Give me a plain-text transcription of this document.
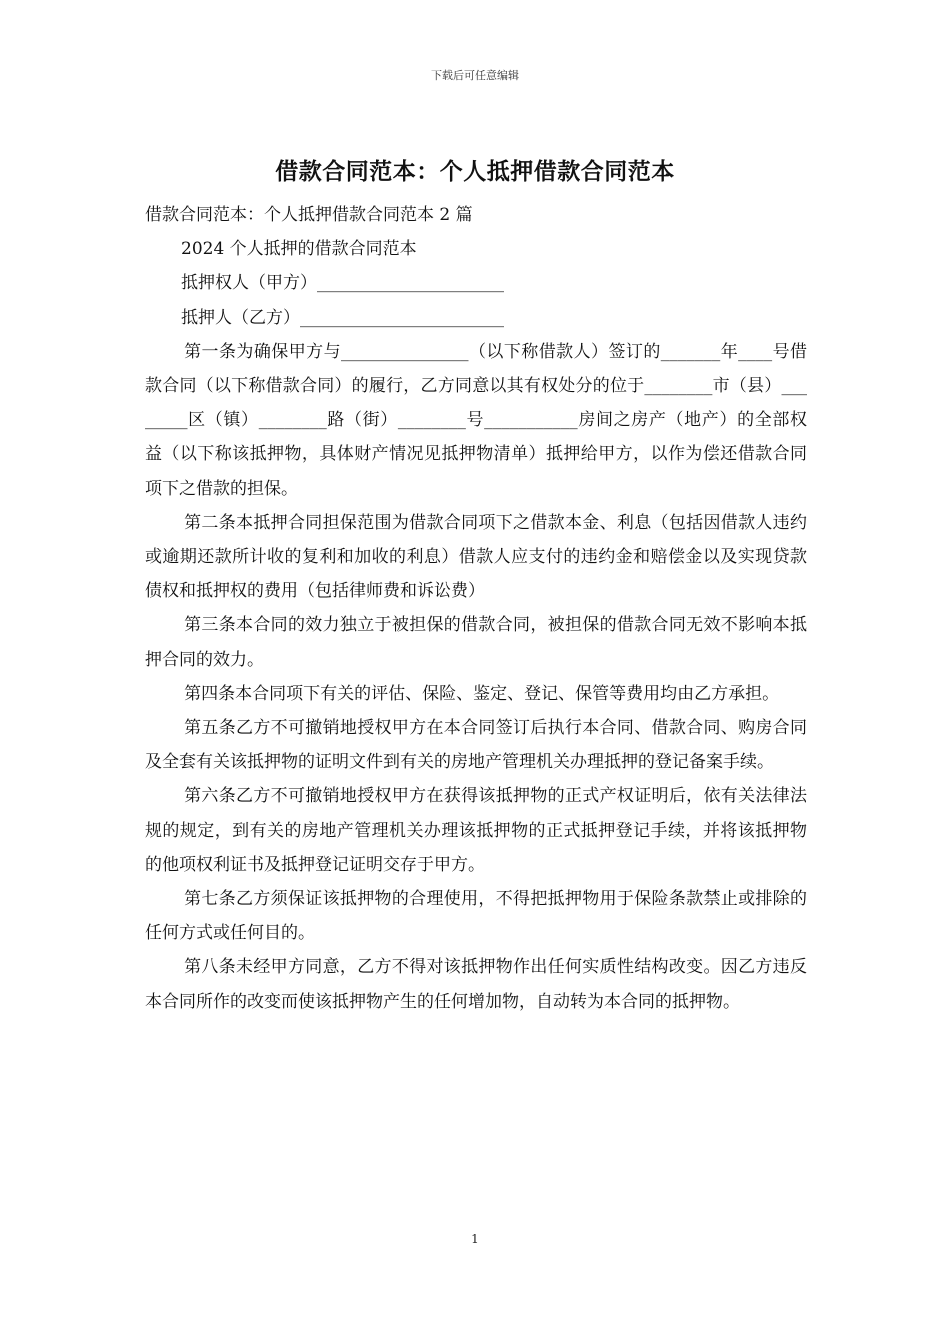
下载后可任意编辑
借款合同范本：个人抵押借款合同范本

借款合同范本：个人抵押借款合同范本 2 篇

2024 个人抵押的借款合同范本

抵押权人（甲方）______________________

抵押人（乙方）________________________

第一条为确保甲方与_______________（以下称借款人）签订的_______年____号借款合同（以下称借款合同）的履行，乙方同意以其有权处分的位于________市（县）________区（镇）________路（街）________号___________房间之房产（地产）的全部权益（以下称该抵押物，具体财产情况见抵押物清单）抵押给甲方，以作为偿还借款合同项下之借款的担保。

第二条本抵押合同担保范围为借款合同项下之借款本金、利息（包括因借款人违约或逾期还款所计收的复利和加收的利息）借款人应支付的违约金和赔偿金以及实现贷款债权和抵押权的费用（包括律师费和诉讼费）

第三条本合同的效力独立于被担保的借款合同，被担保的借款合同无效不影响本抵押合同的效力。

第四条本合同项下有关的评估、保险、鉴定、登记、保管等费用均由乙方承担。

第五条乙方不可撤销地授权甲方在本合同签订后执行本合同、借款合同、购房合同及全套有关该抵押物的证明文件到有关的房地产管理机关办理抵押的登记备案手续。

第六条乙方不可撤销地授权甲方在获得该抵押物的正式产权证明后，依有关法律法规的规定，到有关的房地产管理机关办理该抵押物的正式抵押登记手续，并将该抵押物的他项权利证书及抵押登记证明交存于甲方。

第七条乙方须保证该抵押物的合理使用，不得把抵押物用于保险条款禁止或排除的任何方式或任何目的。

第八条未经甲方同意，乙方不得对该抵押物作出任何实质性结构改变。因乙方违反本合同所作的改变而使该抵押物产生的任何增加物，自动转为本合同的抵押物。

1
